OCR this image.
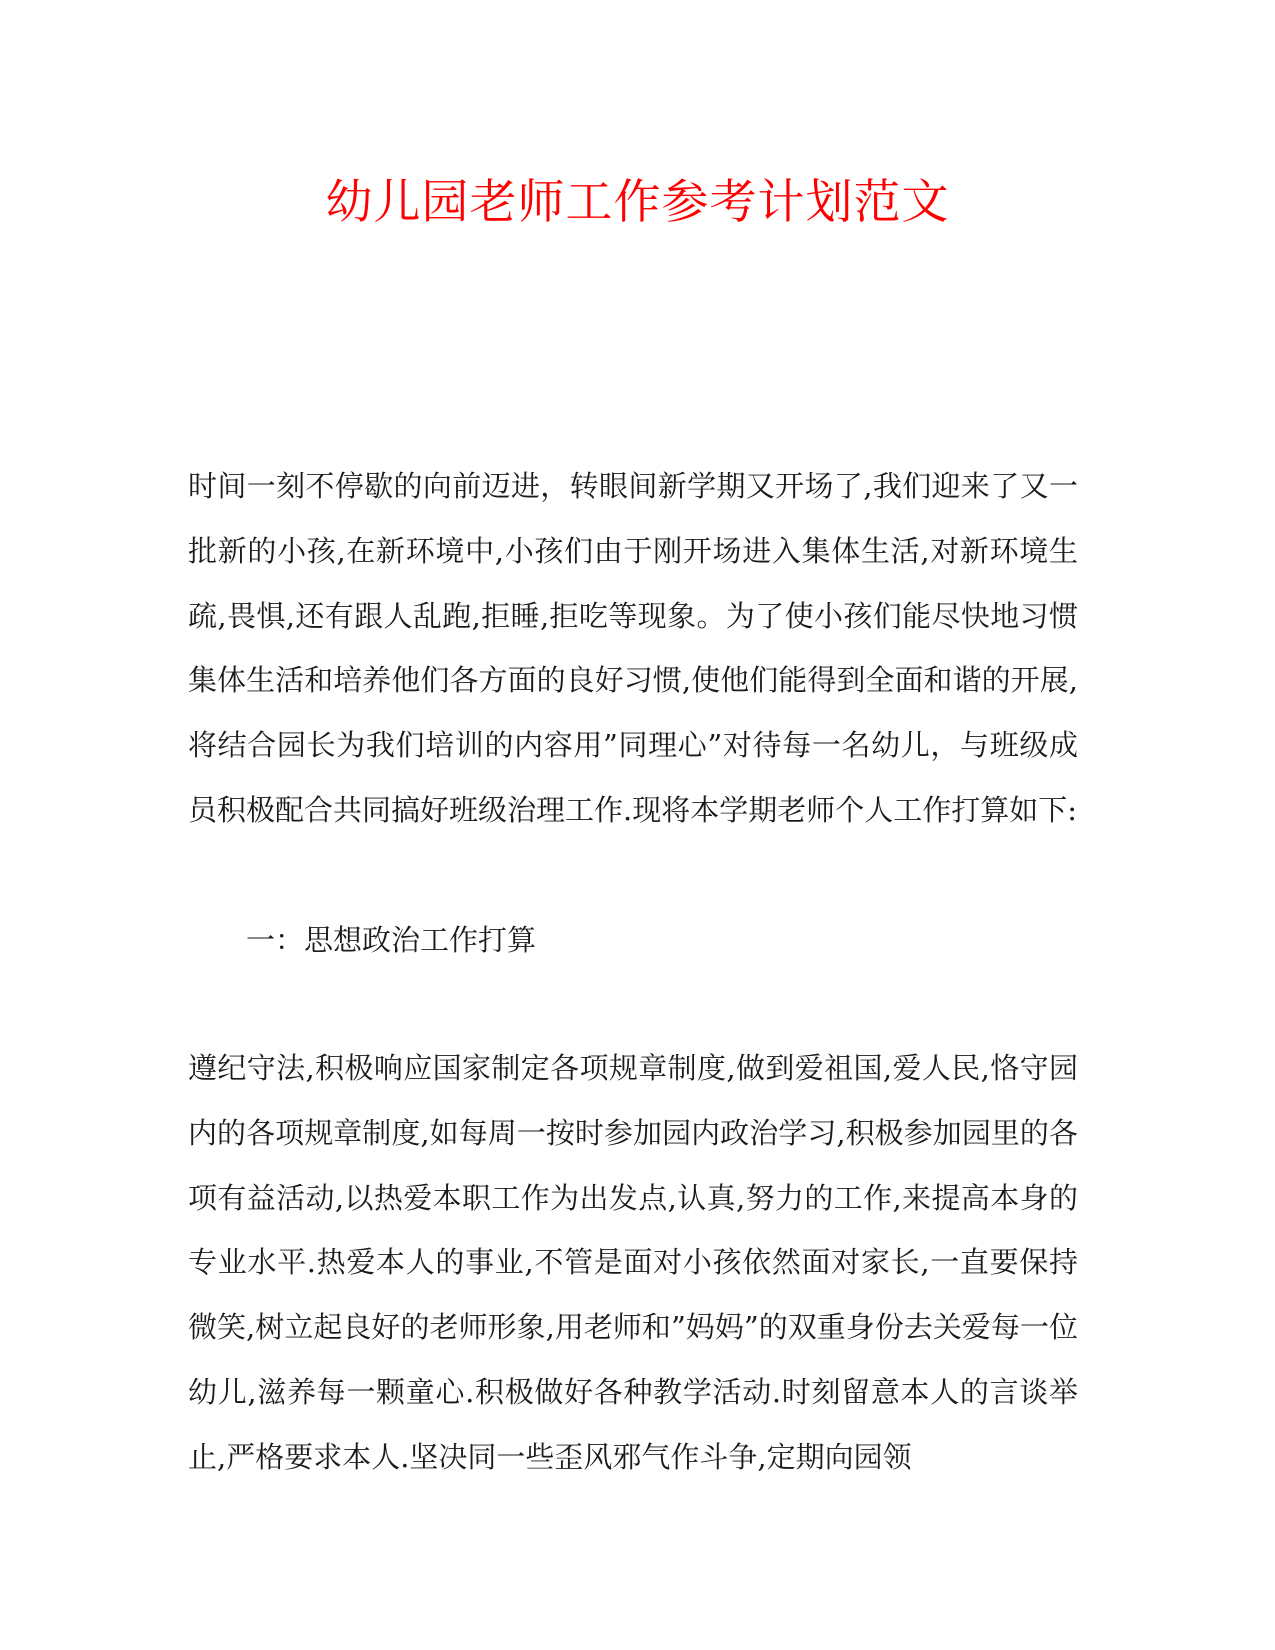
幼儿园老师工作参考计划范文

时间一刻不停歇的向前迈进，转眼间新学期又开场了,我们迎来了又一批新的小孩,在新环境中,小孩们由于刚开场进入集体生活,对新环境生疏,畏惧,还有跟人乱跑,拒睡,拒吃等现象。为了使小孩们能尽快地习惯集体生活和培养他们各方面的良好习惯,使他们能得到全面和谐的开展,将结合园长为我们培训的内容用”同理心”对待每一名幼儿，与班级成员积极配合共同搞好班级治理工作.现将本学期老师个人工作打算如下:

一：思想政治工作打算

遵纪守法,积极响应国家制定各项规章制度,做到爱祖国,爱人民,恪守园内的各项规章制度,如每周一按时参加园内政治学习,积极参加园里的各项有益活动,以热爱本职工作为出发点,认真,努力的工作,来提高本身的专业水平.热爱本人的事业,不管是面对小孩依然面对家长,一直要保持微笑,树立起良好的老师形象,用老师和”妈妈”的双重身份去关爱每一位幼儿,滋养每一颗童心.积极做好各种教学活动.时刻留意本人的言谈举止,严格要求本人.坚决同一些歪风邪气作斗争,定期向园领
